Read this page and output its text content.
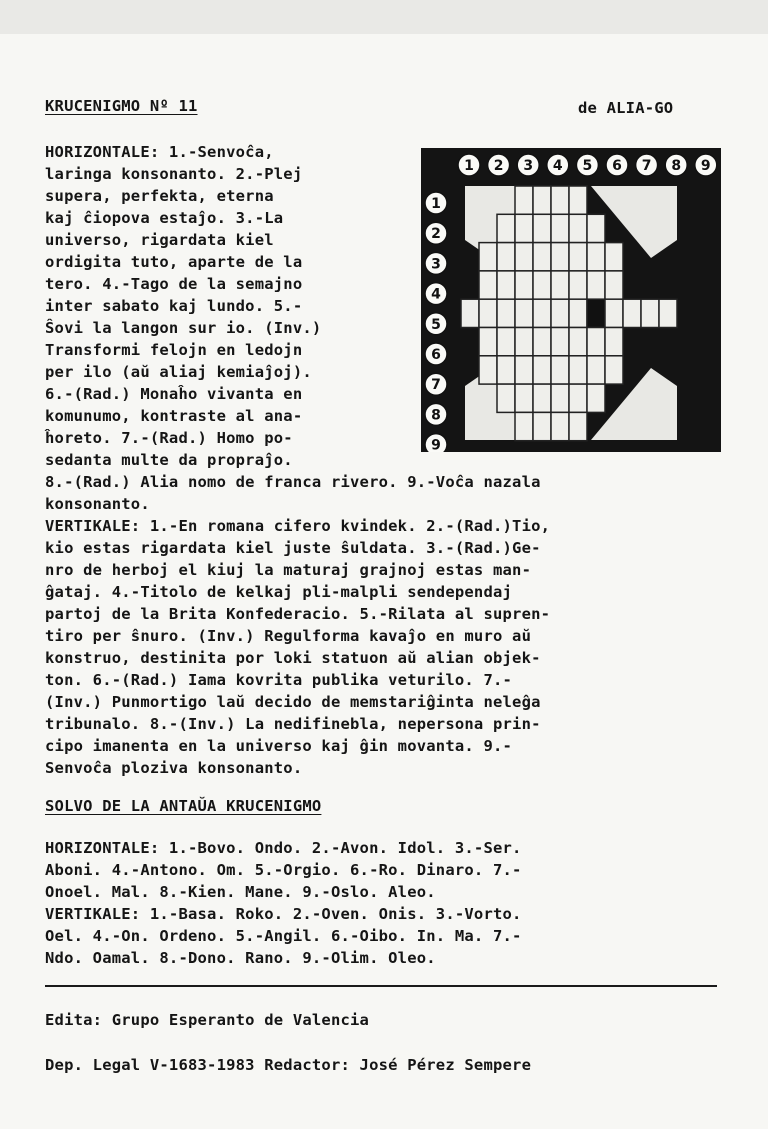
KRUCENIGMO Nº 11	de ALIA-GO
HORIZONTALE: 1.-Senvoĉa,
laringa konsonanto. 2.-Plej
supera, perfekta, eterna
kaj ĉiopova estaĵo. 3.-La
universo, rigardata kiel
ordigita tuto, aparte de la
tero. 4.-Tago de la semajno
inter sabato kaj lundo. 5.-
Ŝovi la langon sur io. (Inv.)
Transformi felojn en ledojn
per ilo (aŭ aliaj kemiaĵoj).
6.-(Rad.) Monaĥo vivanta en
komunumo, kontraste al ana-
ĥoreto. 7.-(Rad.) Homo po-
sedanta multe da propraĵo.
8.-(Rad.) Alia nomo de franca rivero. 9.-Voĉa nazala
konsonanto.
VERTIKALE: 1.-En romana cifero kvindek. 2.-(Rad.)Tio,
kio estas rigardata kiel juste ŝuldata. 3.-(Rad.)Ge-
nro de herboj el kiuj la maturaj grajnoj estas man-
ĝataj. 4.-Titolo de kelkaj pli-malpli sendependaj
partoj de la Brita Konfederacio. 5.-Rilata al supren-
tiro per ŝnuro. (Inv.) Regulforma kavaĵo en muro aŭ
konstruo, destinita por loki statuon aŭ alian objek-
ton. 6.-(Rad.) Iama kovrita publika veturilo. 7.-
(Inv.) Punmortigo laŭ decido de memstariĝinta neleĝa
tribunalo. 8.-(Inv.) La nedifinebla, nepersona prin-
cipo imanenta en la universo kaj ĝin movanta. 9.-
Senvoĉa ploziva konsonanto.
SOLVO DE LA ANTAŬA KRUCENIGMO
HORIZONTALE: 1.-Bovo. Ondo. 2.-Avon. Idol. 3.-Ser.
Aboni. 4.-Antono. Om. 5.-Orgio. 6.-Ro. Dinaro. 7.-
Onoel. Mal. 8.-Kien. Mane. 9.-Oslo. Aleo.
VERTIKALE: 1.-Basa. Roko. 2.-Oven. Onis. 3.-Vorto.
Oel. 4.-On. Ordeno. 5.-Angil. 6.-Oibo. In. Ma. 7.-
Ndo. Oamal. 8.-Dono. Rano. 9.-Olim. Oleo.
Edita: Grupo Esperanto de Valencia
Dep. Legal V-1683-1983 Redactor: José Pérez Sempere
1 2 3 4 5 6 7 8 9
1
2
3
4
5
6
7
8
9
